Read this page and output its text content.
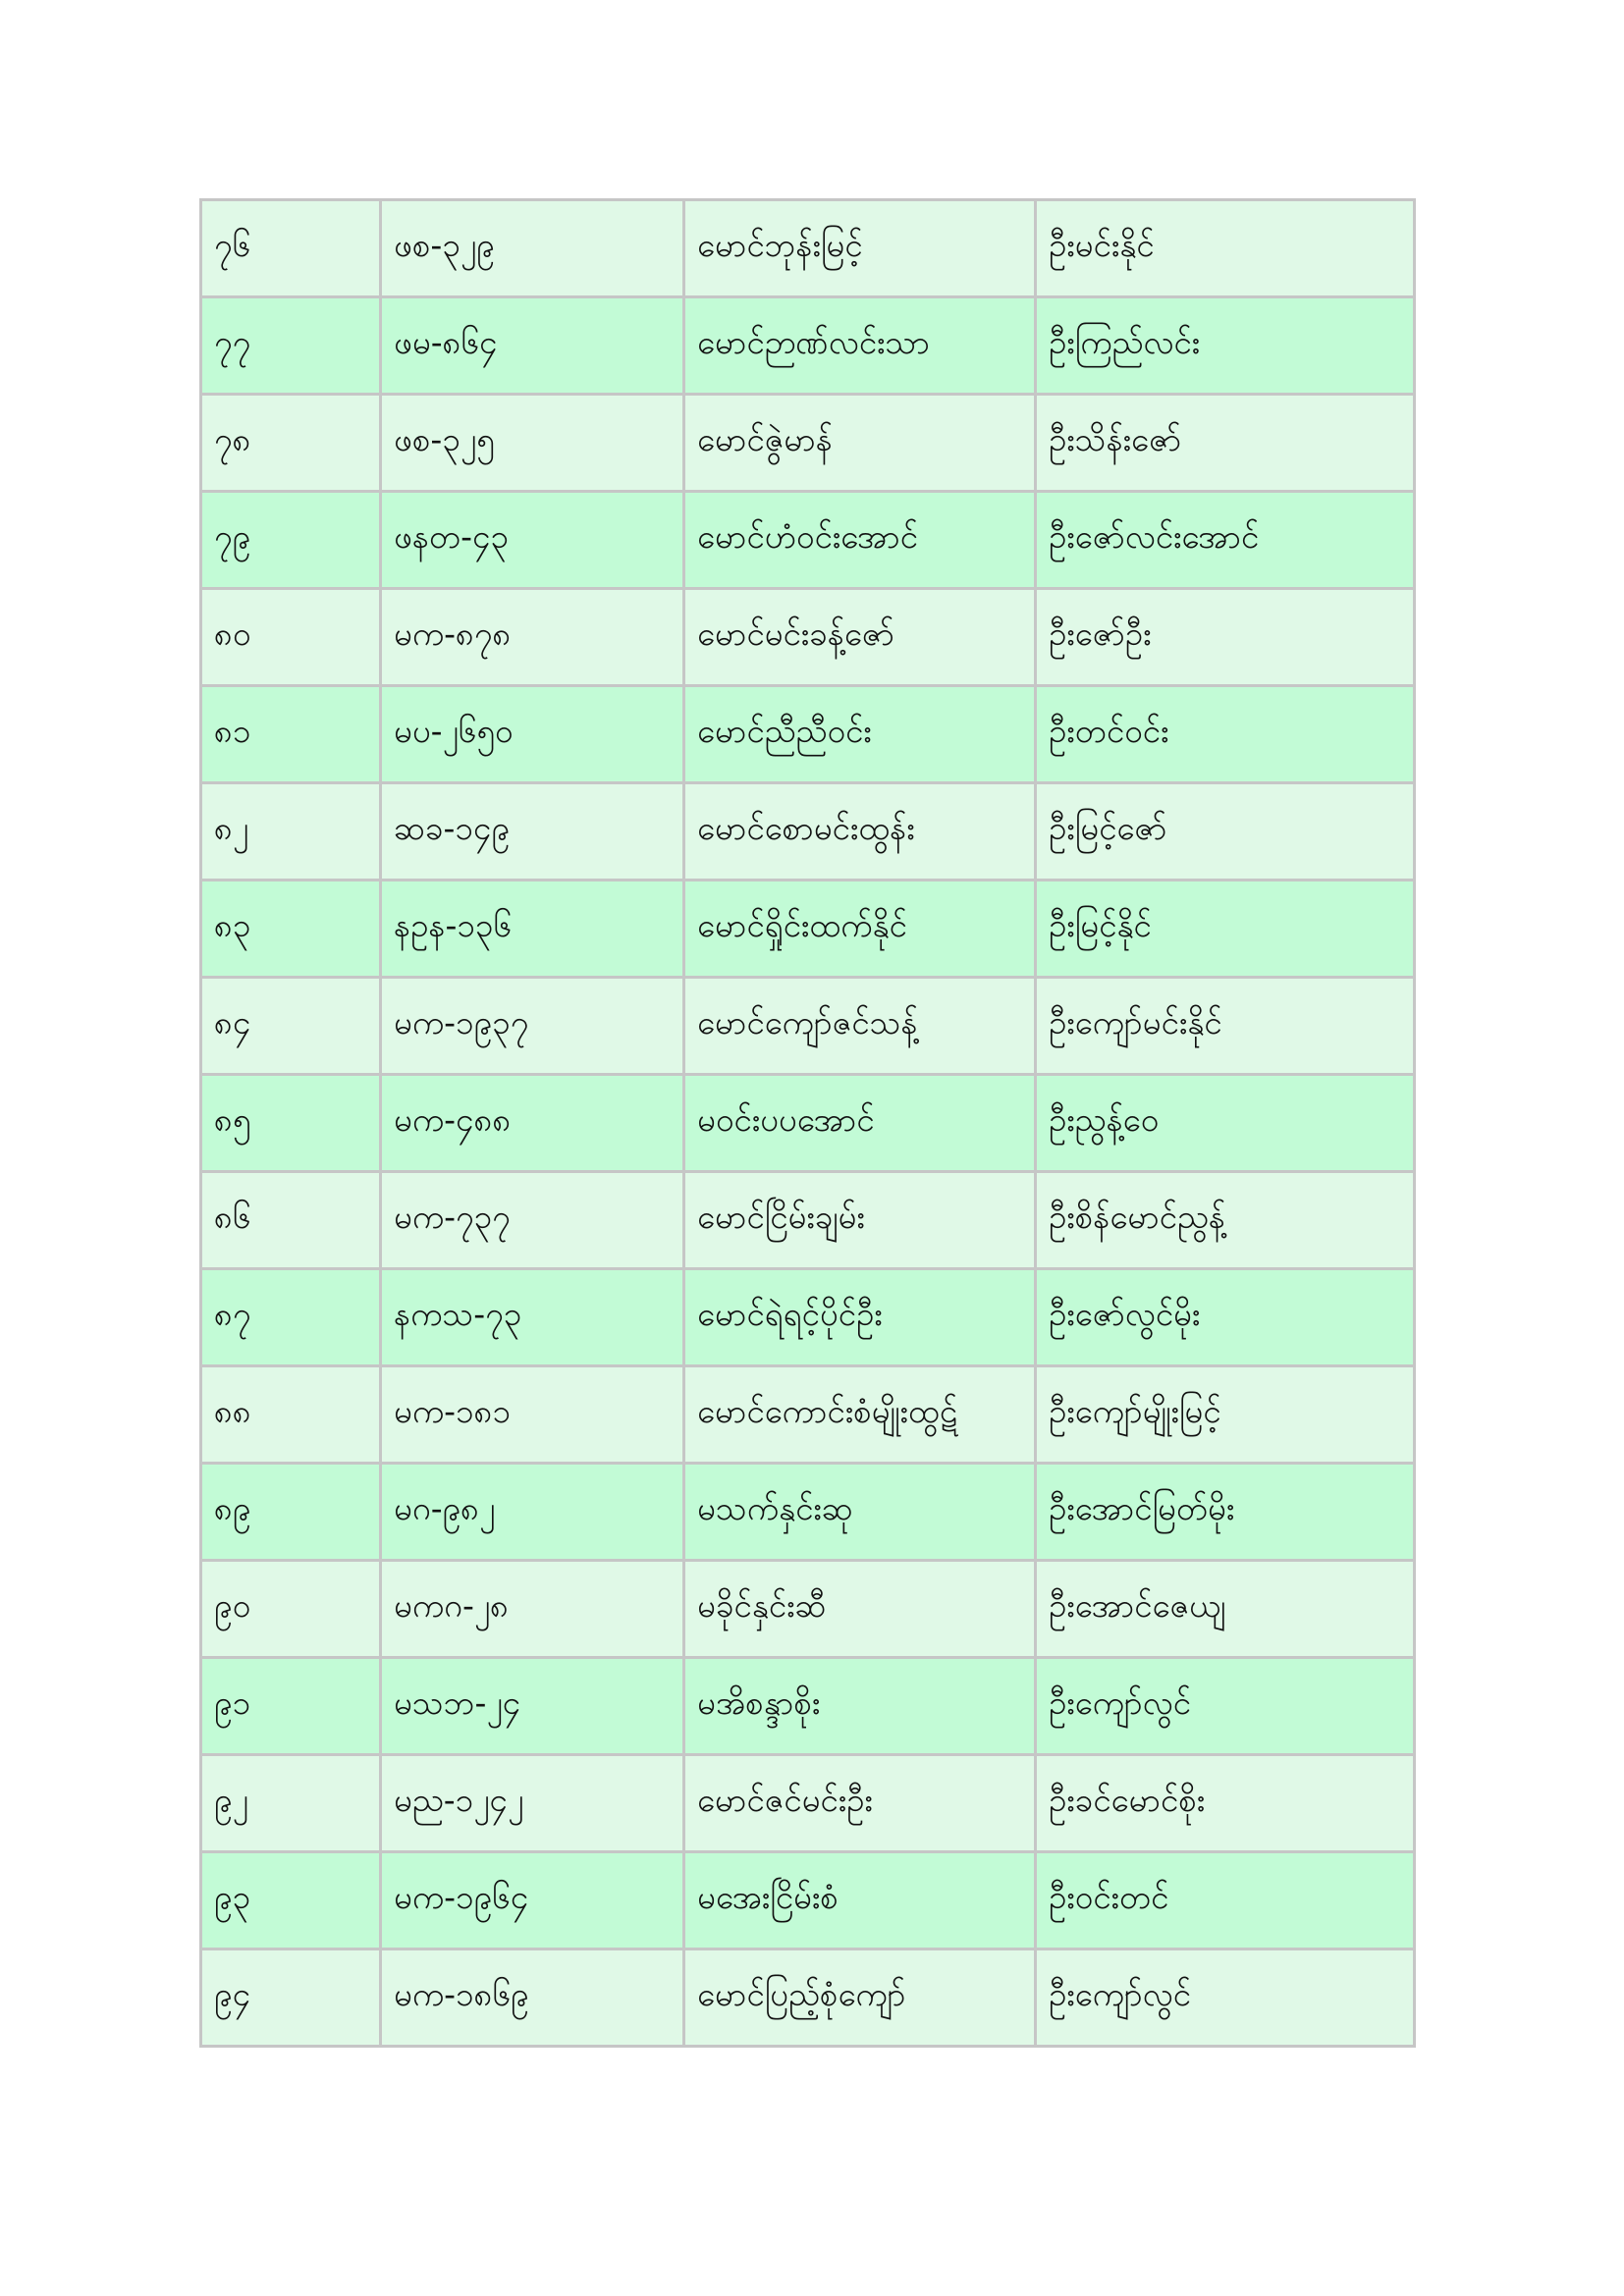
၇၆	ဖစ-၃၂၉	မောင်ဘုန်းမြင့်	ဦးမင်းနိုင်
၇၇	ဖမ-၈၆၄	မောင်ဉာဏ်လင်းသာ	ဦးကြည်လင်း
၇၈	ဖစ-၃၂၅	မောင်ဇွဲမာန်	ဦးသိန်းဇော်
၇၉	ဖနတ-၄၃	မောင်ဟံဝင်းအောင်	ဦးဇော်လင်းအောင်
၈၀	မက-၈၇၈	မောင်မင်းခန့်ဇော်	ဦးဇော်ဦး
၈၁	မပ-၂၆၅၀	မောင်ညီညီဝင်း	ဦးတင်ဝင်း
၈၂	ဆခ-၁၄၉	မောင်စောမင်းထွန်း	ဦးမြင့်ဇော်
၈၃	နဥန-၁၃၆	မောင်ရှိုင်းထက်နိုင်	ဦးမြင့်နိုင်
၈၄	မက-၁၉၃၇	မောင်ကျော်ဇင်သန့်	ဦးကျော်မင်းနိုင်
၈၅	မက-၄၈၈	မဝင်းပပအောင်	ဦးညွန့်ဝေ
၈၆	မက-၇၃၇	မောင်ငြိမ်းချမ်း	ဦးစိန်မောင်ညွန့်
၈၇	နကသ-၇၃	မောင်ရဲရင့်ပိုင်ဦး	ဦးဇော်လွင်မိုး
၈၈	မက-၁၈၁	မောင်ကောင်းစံမျိုးထွဋ်	ဦးကျော်မျိုးမြင့်
၈၉	မဂ-၉၈၂	မသက်နှင်းဆု	ဦးအောင်မြတ်မိုး
၉၀	မကဂ-၂၈	မခိုင်နှင်းဆီ	ဦးအောင်ဇေယျ
၉၁	မသဘ-၂၄	မအိစန္ဒာစိုး	ဦးကျော်လွင်
၉၂	မည-၁၂၄၂	မောင်ဇင်မင်းဦး	ဦးခင်မောင်စိုး
၉၃	မက-၁၉၆၄	မအေးငြိမ်းစံ	ဦးဝင်းတင်
၉၄	မက-၁၈၆၉	မောင်ပြည့်စုံကျော်	ဦးကျော်လွင်
